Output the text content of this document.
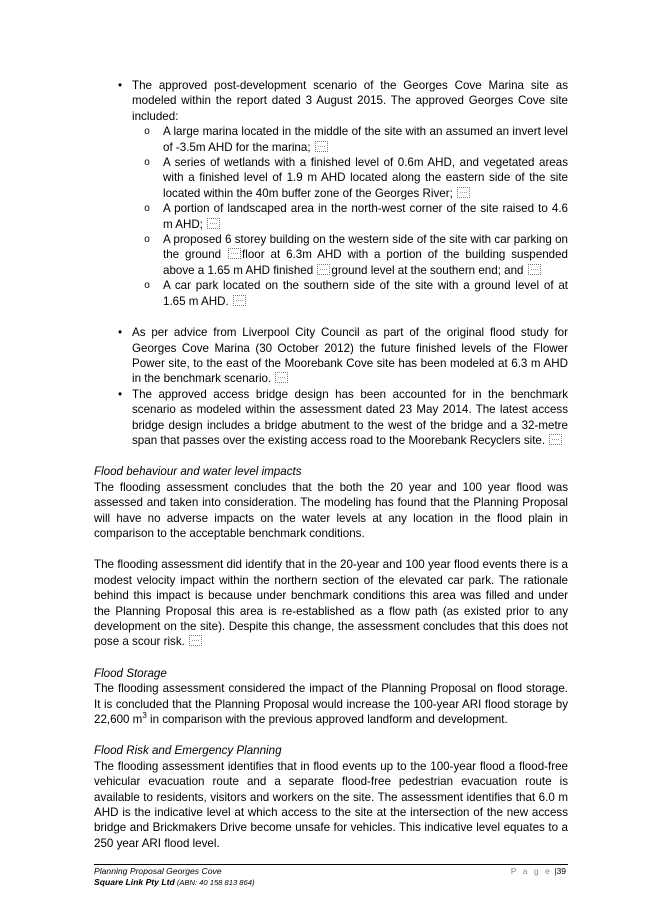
• The approved post-development scenario of the Georges Cove Marina site as modeled within the report dated 3 August 2015. The approved Georges Cove site included:
o A large marina located in the middle of the site with an assumed an invert level of -3.5m AHD for the marina;
o A series of wetlands with a finished level of 0.6m AHD, and vegetated areas with a finished level of 1.9 m AHD located along the eastern side of the site located within the 40m buffer zone of the Georges River;
o A portion of landscaped area in the north-west corner of the site raised to 4.6 m AHD;
o A proposed 6 storey building on the western side of the site with car parking on the ground floor at 6.3m AHD with a portion of the building suspended above a 1.65 m AHD finished ground level at the southern end; and
o A car park located on the southern side of the site with a ground level of at 1.65 m AHD.
• As per advice from Liverpool City Council as part of the original flood study for Georges Cove Marina (30 October 2012) the future finished levels of the Flower Power site, to the east of the Moorebank Cove site has been modeled at 6.3 m AHD in the benchmark scenario.
• The approved access bridge design has been accounted for in the benchmark scenario as modeled within the assessment dated 23 May 2014. The latest access bridge design includes a bridge abutment to the west of the bridge and a 32-metre span that passes over the existing access road to the Moorebank Recyclers site.

Flood behaviour and water level impacts

The flooding assessment concludes that the both the 20 year and 100 year flood was assessed and taken into consideration. The modeling has found that the Planning Proposal will have no adverse impacts on the water levels at any location in the flood plain in comparison to the acceptable benchmark conditions.

The flooding assessment did identify that in the 20-year and 100 year flood events there is a modest velocity impact within the northern section of the elevated car park. The rationale behind this impact is because under benchmark conditions this area was filled and under the Planning Proposal this area is re-established as a flow path (as existed prior to any development on the site). Despite this change, the assessment concludes that this does not pose a scour risk.

Flood Storage

The flooding assessment considered the impact of the Planning Proposal on flood storage. It is concluded that the Planning Proposal would increase the 100-year ARI flood storage by 22,600 $m^3$ in comparison with the previous approved landform and development.

Flood Risk and Emergency Planning

The flooding assessment identifies that in flood events up to the 100-year flood a flood-free vehicular evacuation route and a separate flood-free pedestrian evacuation route is available to residents, visitors and workers on the site. The assessment identifies that 6.0 m AHD is the indicative level at which access to the site at the intersection of the new access bridge and Brickmakers Drive become unsafe for vehicles. This indicative level equates to a 250 year ARI flood level.

Planning Proposal Georges Cove
Square Link Pty Ltd (ABN: 40 158 813 864)
P a g e |39
